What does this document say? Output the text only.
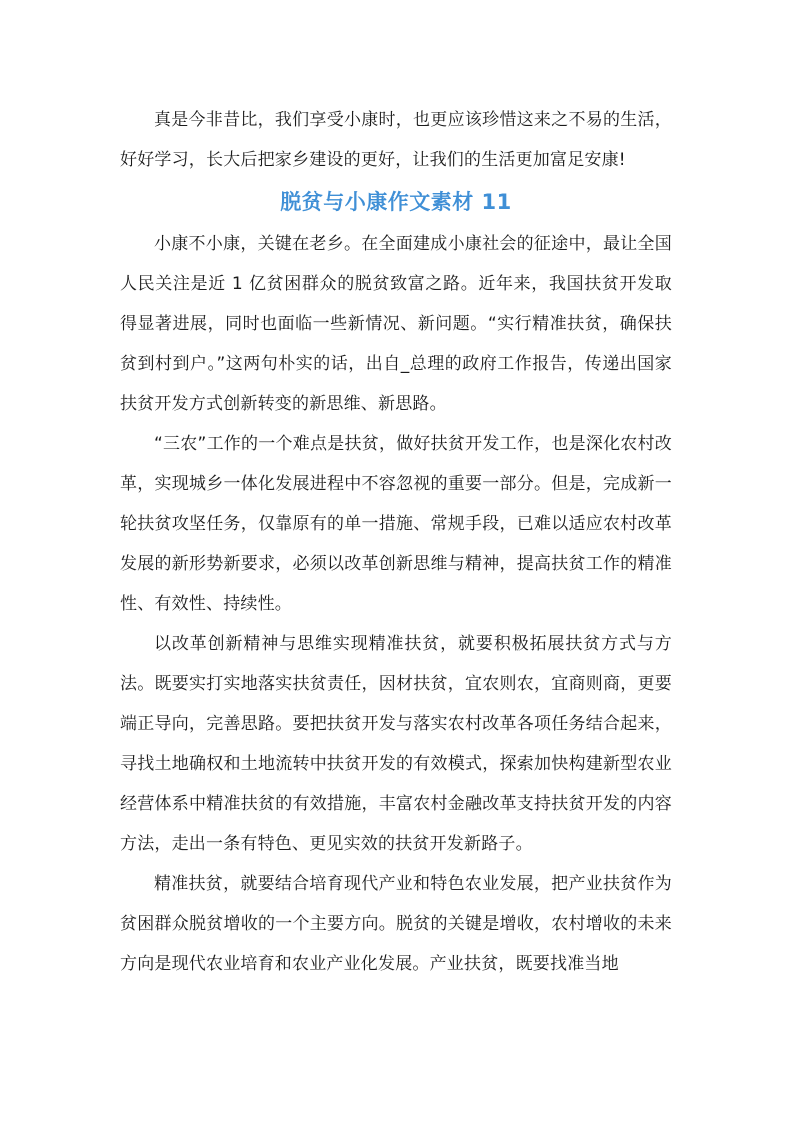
真是今非昔比，我们享受小康时，也更应该珍惜这来之不易的生活，好好学习，长大后把家乡建设的更好，让我们的生活更加富足安康!

脱贫与小康作文素材 11

小康不小康，关键在老乡。在全面建成小康社会的征途中，最让全国人民关注是近 1 亿贫困群众的脱贫致富之路。近年来，我国扶贫开发取得显著进展，同时也面临一些新情况、新问题。“实行精准扶贫，确保扶贫到村到户。”这两句朴实的话，出自_总理的政府工作报告，传递出国家扶贫开发方式创新转变的新思维、新思路。

“三农”工作的一个难点是扶贫，做好扶贫开发工作，也是深化农村改革，实现城乡一体化发展进程中不容忽视的重要一部分。但是，完成新一轮扶贫攻坚任务，仅靠原有的单一措施、常规手段，已难以适应农村改革发展的新形势新要求，必须以改革创新思维与精神，提高扶贫工作的精准性、有效性、持续性。

以改革创新精神与思维实现精准扶贫，就要积极拓展扶贫方式与方法。既要实打实地落实扶贫责任，因材扶贫，宜农则农，宜商则商，更要端正导向，完善思路。要把扶贫开发与落实农村改革各项任务结合起来，寻找土地确权和土地流转中扶贫开发的有效模式，探索加快构建新型农业经营体系中精准扶贫的有效措施，丰富农村金融改革支持扶贫开发的内容方法，走出一条有特色、更见实效的扶贫开发新路子。

精准扶贫，就要结合培育现代产业和特色农业发展，把产业扶贫作为贫困群众脱贫增收的一个主要方向。脱贫的关键是增收，农村增收的未来方向是现代农业培育和农业产业化发展。产业扶贫，既要找准当地
